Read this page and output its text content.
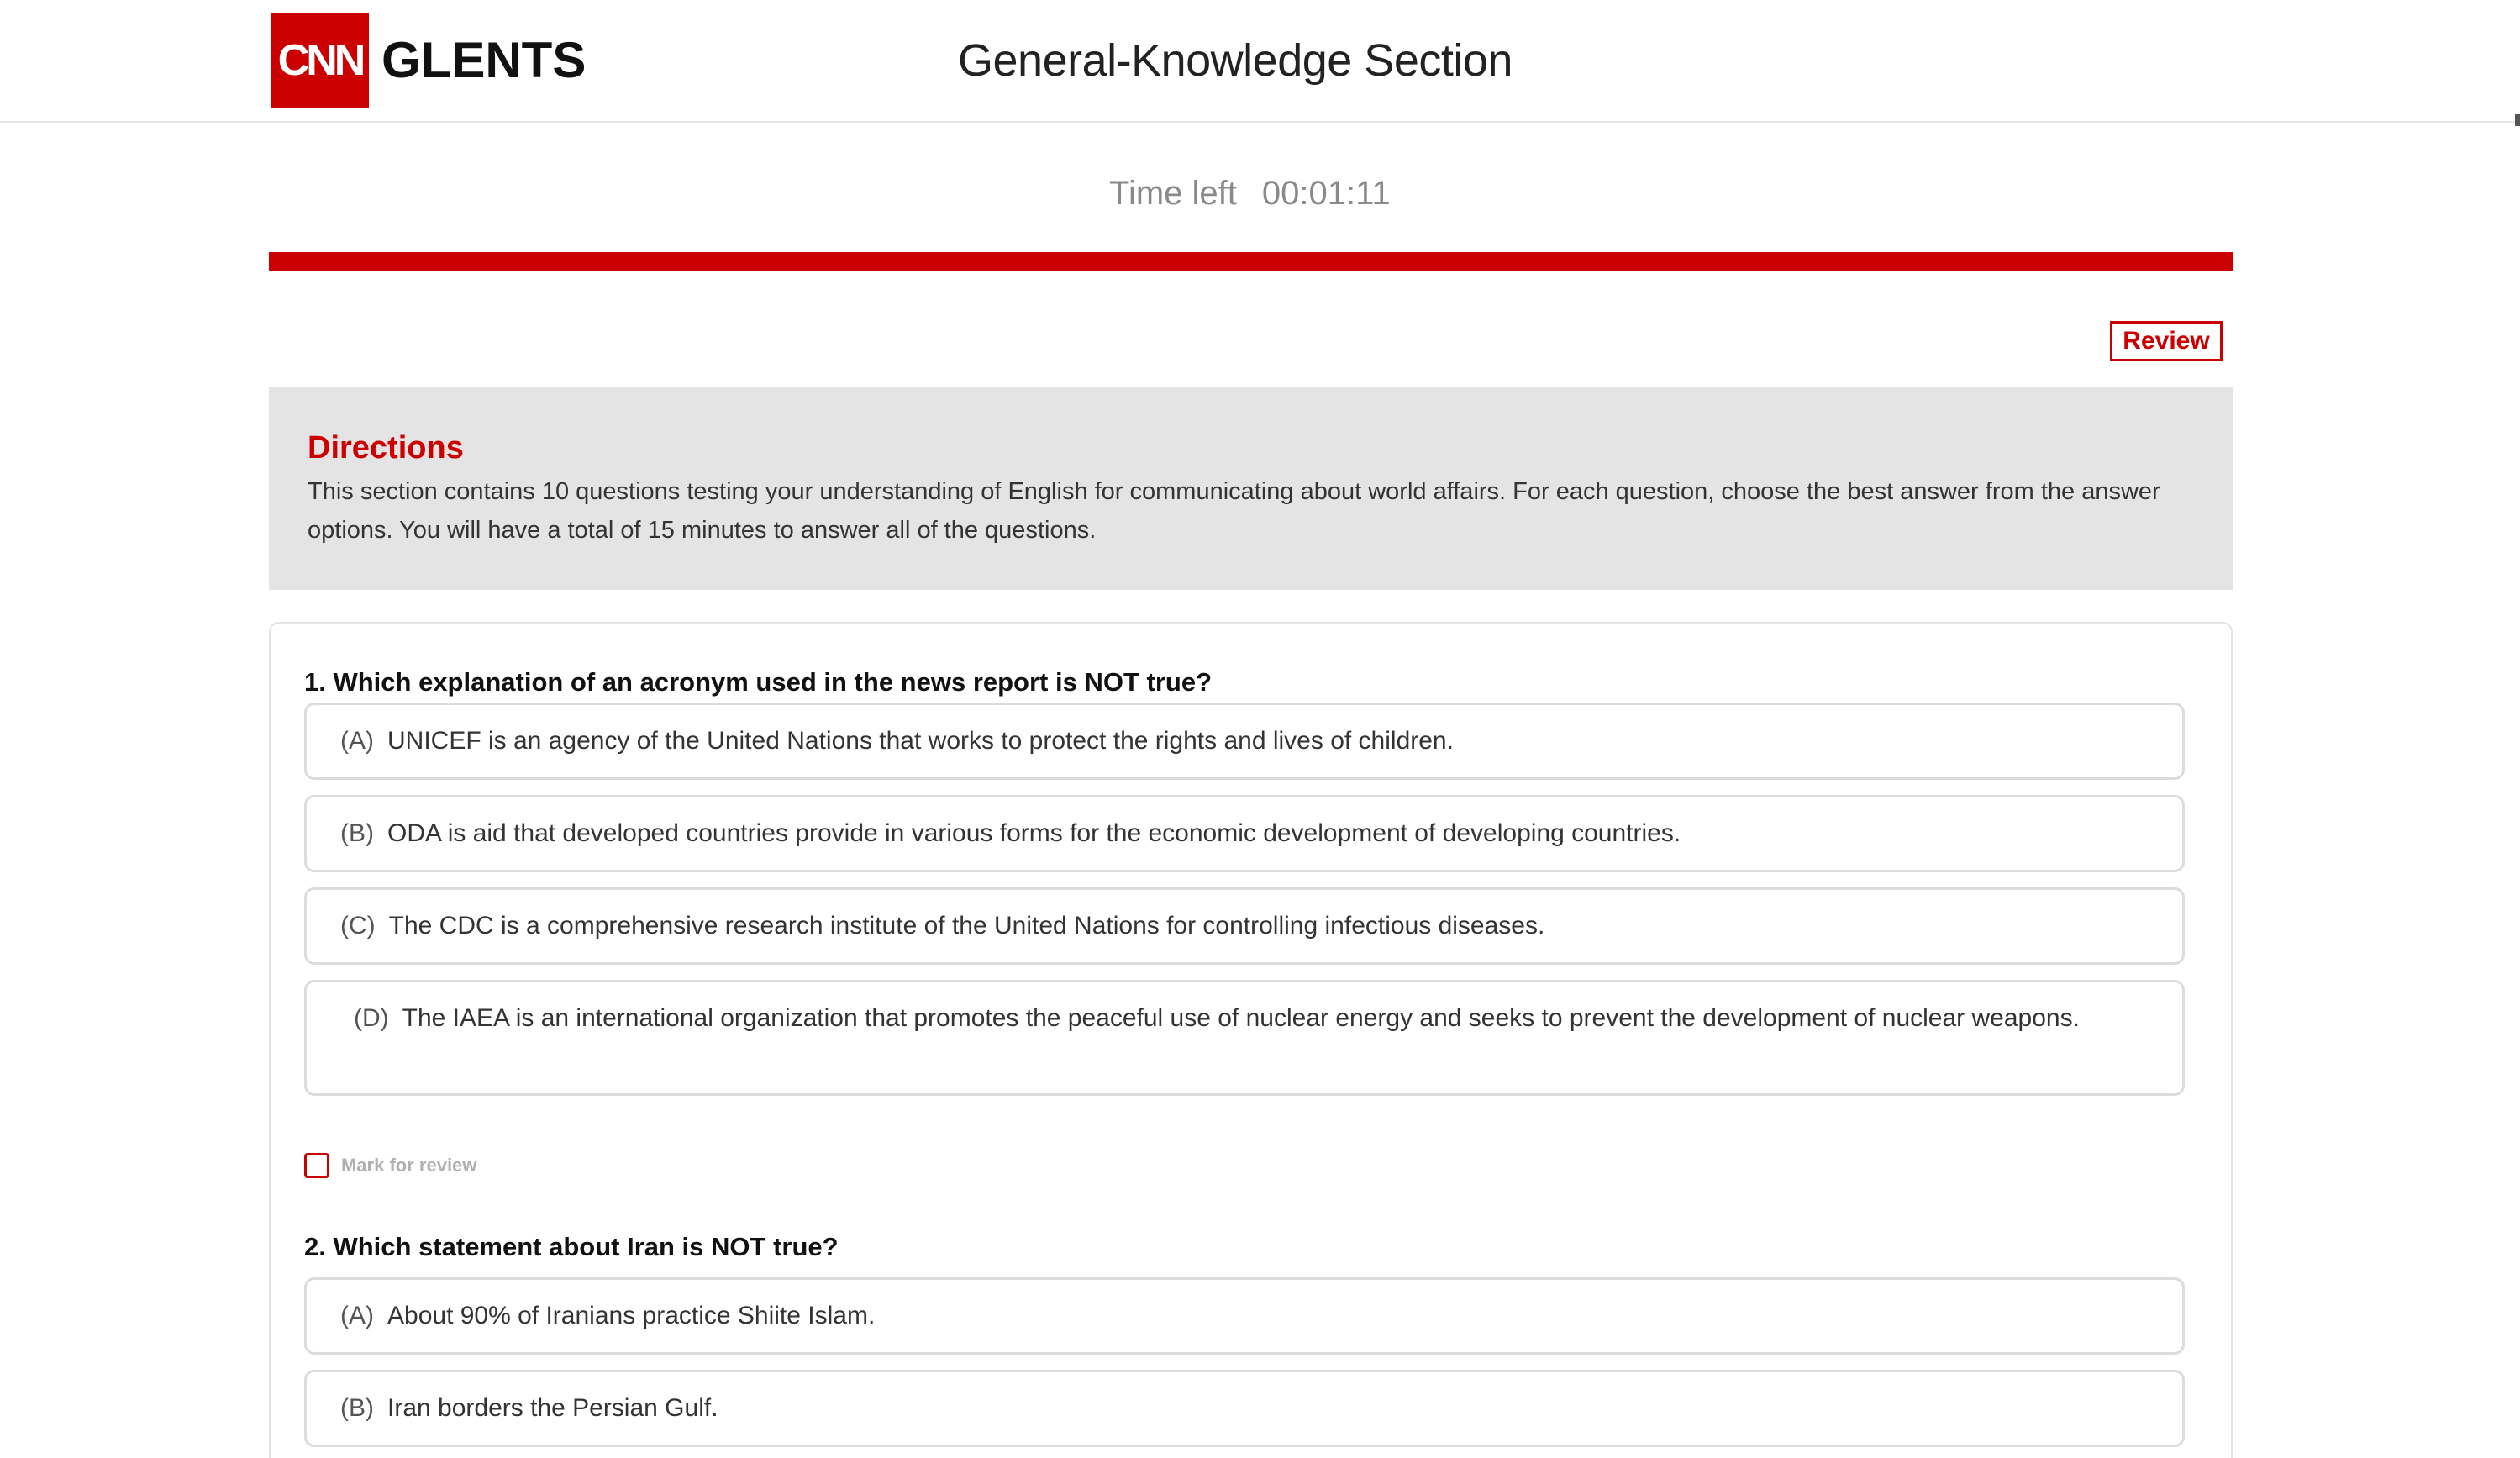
CNN GLENTS	General-Knowledge Section
Time left 00:01:11
Review
Directions
This section contains 10 questions testing your understanding of English for communicating about world affairs. For each question, choose the best answer from the answer options. You will have a total of 15 minutes to answer all of the questions.
1. Which explanation of an acronym used in the news report is NOT true?
(A) UNICEF is an agency of the United Nations that works to protect the rights and lives of children.
(B) ODA is aid that developed countries provide in various forms for the economic development of developing countries.
(C) The CDC is a comprehensive research institute of the United Nations for controlling infectious diseases.
(D) The IAEA is an international organization that promotes the peaceful use of nuclear energy and seeks to prevent the development of nuclear weapons.
Mark for review
2. Which statement about Iran is NOT true?
(A) About 90% of Iranians practice Shiite Islam.
(B) Iran borders the Persian Gulf.
